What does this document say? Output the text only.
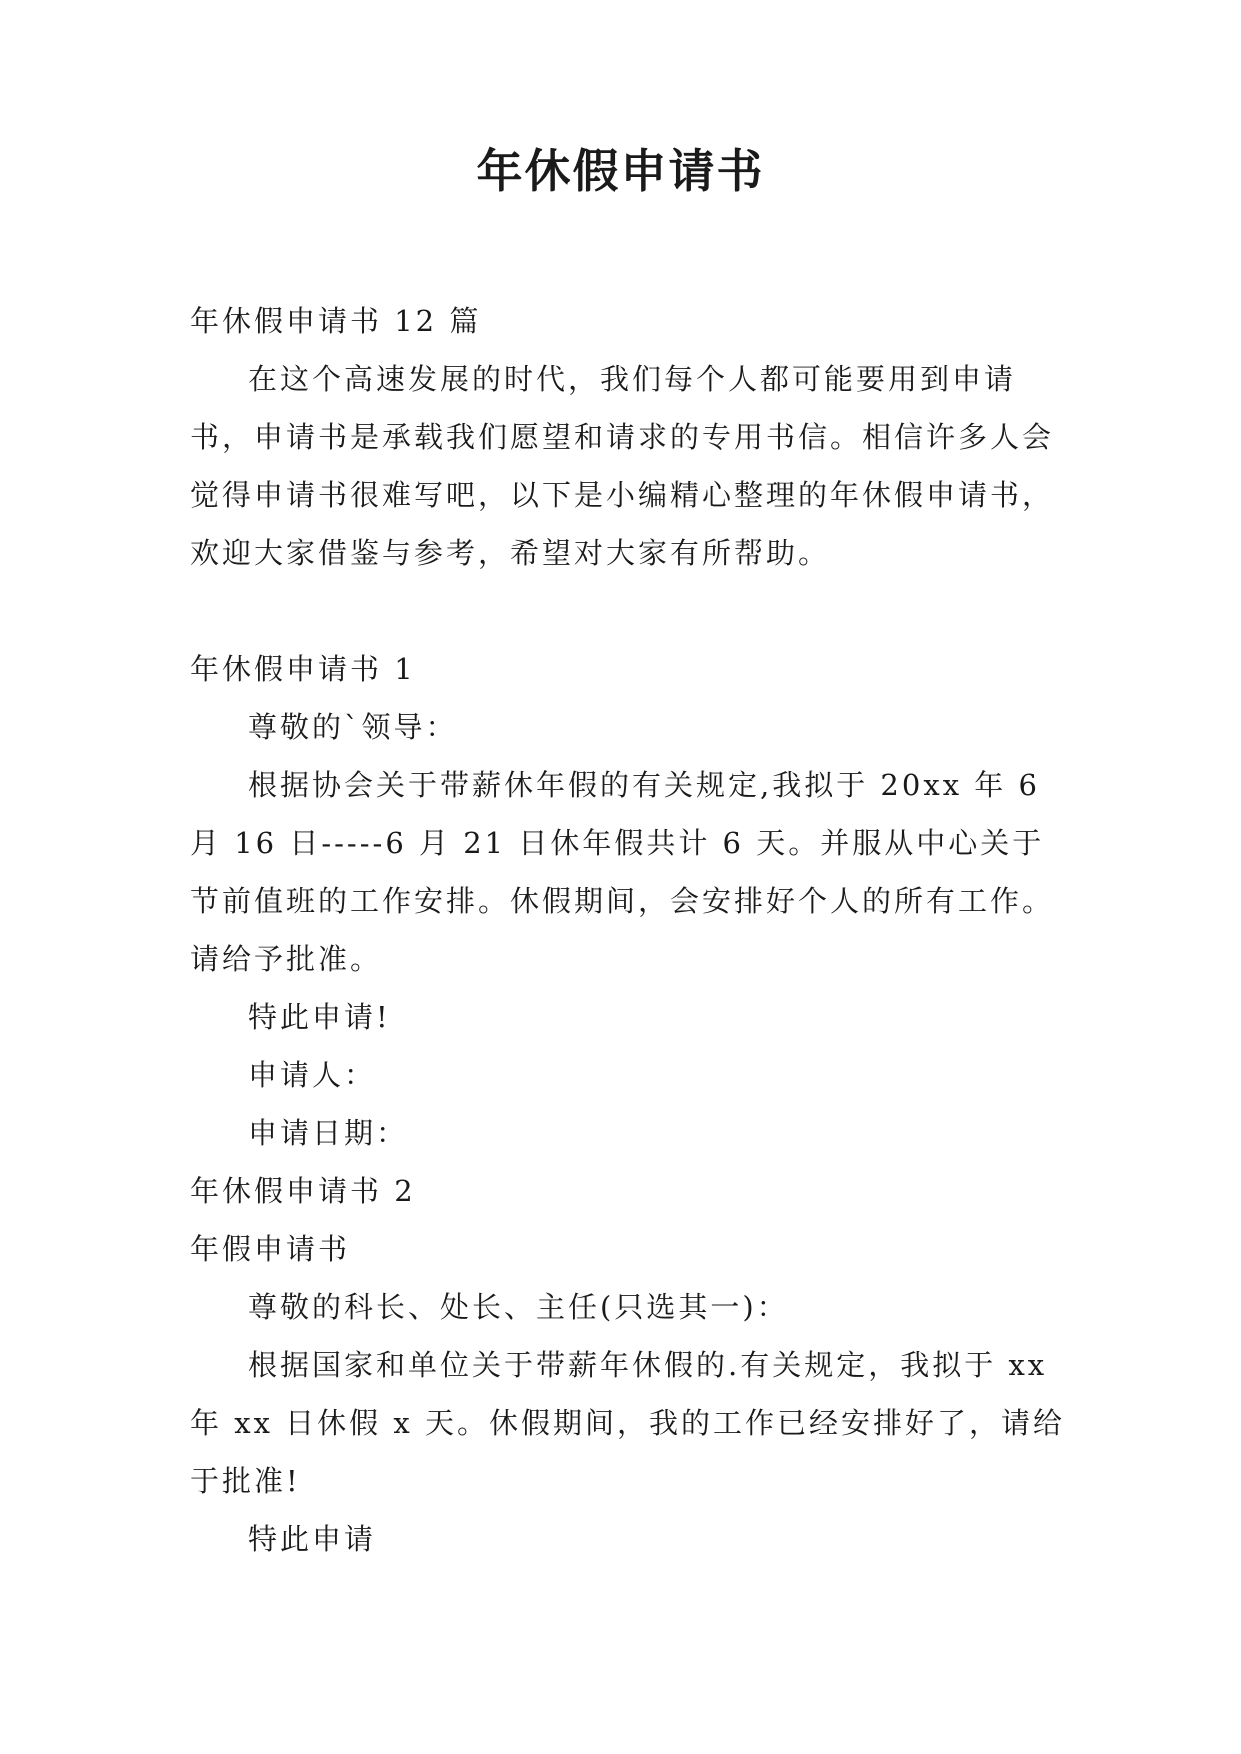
年休假申请书

年休假申请书 12 篇

在这个高速发展的时代，我们每个人都可能要用到申请书，申请书是承载我们愿望和请求的专用书信。相信许多人会觉得申请书很难写吧，以下是小编精心整理的年休假申请书，欢迎大家借鉴与参考，希望对大家有所帮助。

年休假申请书 1

尊敬的`领导：

根据协会关于带薪休年假的有关规定,我拟于 20xx 年 6 月 16 日-----6 月 21 日休年假共计 6 天。并服从中心关于节前值班的工作安排。休假期间，会安排好个人的所有工作。请给予批准。

特此申请!

申请人：

申请日期：

年休假申请书 2

年假申请书

尊敬的科长、处长、主任(只选其一)：

根据国家和单位关于带薪年休假的.有关规定，我拟于 xx 年 xx 日休假 x 天。休假期间，我的工作已经安排好了，请给于批准!

特此申请
